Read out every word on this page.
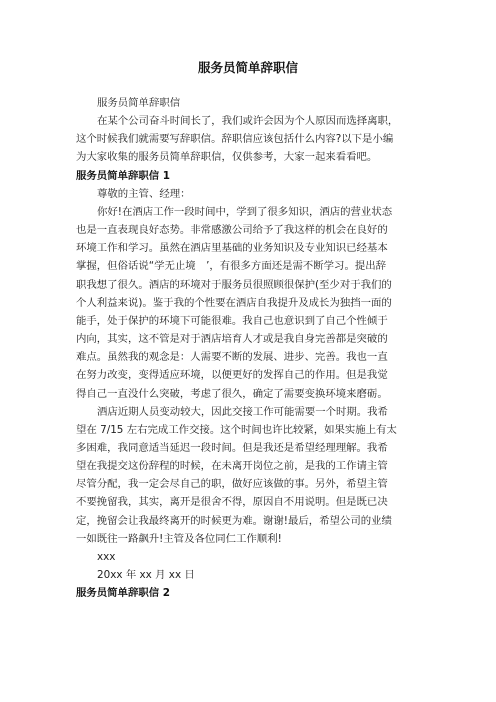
服务员简单辞职信

服务员简单辞职信

在某个公司奋斗时间长了，我们或许会因为个人原因而选择离职，
这个时候我们就需要写辞职信。辞职信应该包括什么内容?以下是小编
为大家收集的服务员简单辞职信，仅供参考，大家一起来看看吧。

服务员简单辞职信 1

尊敬的主管、经理：

你好!在酒店工作一段时间中，学到了很多知识，酒店的营业状态
也是一直表现良好态势。非常感激公司给予了我这样的机会在良好的
环境工作和学习。虽然在酒店里基础的业务知识及专业知识已经基本
掌握，但俗话说“学无止境　’，有很多方面还是需不断学习。提出辞
职我想了很久。酒店的环境对于服务员很照顾很保护(至少对于我们的
个人利益来说)。鉴于我的个性要在酒店自我提升及成长为独挡一面的
能手，处于保护的环境下可能很难。我自己也意识到了自己个性倾于
内向，其实，这不管是对于酒店培育人才或是我自身完善都是突破的
难点。虽然我的观念是：人需要不断的发展、进步、完善。我也一直
在努力改变，变得适应环境，以便更好的发挥自己的作用。但是我觉
得自己一直没什么突破，考虑了很久，确定了需要变换环境来磨砺。

酒店近期人员变动较大，因此交接工作可能需要一个时期。我希
望在 7/15 左右完成工作交接。这个时间也许比较紧，如果实施上有太
多困难，我同意适当延迟一段时间。但是我还是希望经理理解。我希
望在我提交这份辞程的时候，在未离开岗位之前，是我的工作请主管
尽管分配，我一定会尽自己的职，做好应该做的事。另外，希望主管
不要挽留我，其实，离开是很舍不得，原因自不用说明。但是既已决
定，挽留会让我最终离开的时候更为难。谢谢!最后，希望公司的业绩
一如既往一路飙升!主管及各位同仁工作顺利!

xxx

20xx 年 xx 月 xx 日

服务员简单辞职信 2
